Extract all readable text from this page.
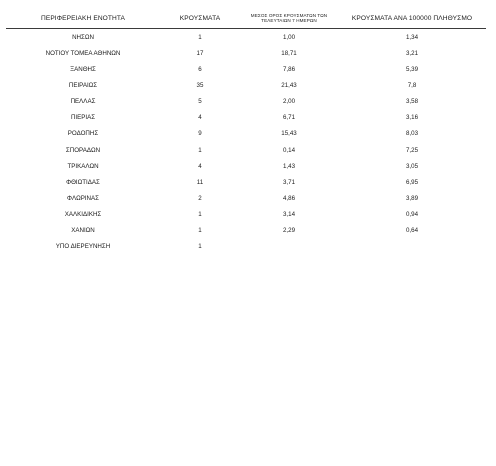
ΠΕΡΙΦΕΡΕΙΑΚΗ ΕΝΟΤΗΤΑ	ΚΡΟΥΣΜΑΤΑ	ΜΕΣΟΣ ΟΡΟΣ ΚΡΟΥΣΜΑΤΩΝ ΤΩΝ ΤΕΛΕΥΤΑΙΩΝ 7 ΗΜΕΡΩΝ	ΚΡΟΥΣΜΑΤΑ ΑΝΑ 100000 ΠΛΗΘΥΣΜΟ
ΝΗΣΩΝ	1	1,00	1,34
ΝΟΤΙΟΥ ΤΟΜΕΑ ΑΘΗΝΩΝ	17	18,71	3,21
ΞΑΝΘΗΣ	6	7,86	5,39
ΠΕΙΡΑΙΩΣ	35	21,43	7,8
ΠΕΛΛΑΣ	5	2,00	3,58
ΠΙΕΡΙΑΣ	4	6,71	3,16
ΡΟΔΟΠΗΣ	9	15,43	8,03
ΣΠΟΡΑΔΩΝ	1	0,14	7,25
ΤΡΙΚΑΛΩΝ	4	1,43	3,05
ΦΘΙΩΤΙΔΑΣ	11	3,71	6,95
ΦΛΩΡΙΝΑΣ	2	4,86	3,89
ΧΑΛΚΙΔΙΚΗΣ	1	3,14	0,94
ΧΑΝΙΩΝ	1	2,29	0,64
ΥΠΟ ΔΙΕΡΕΥΝΗΣΗ	1		
